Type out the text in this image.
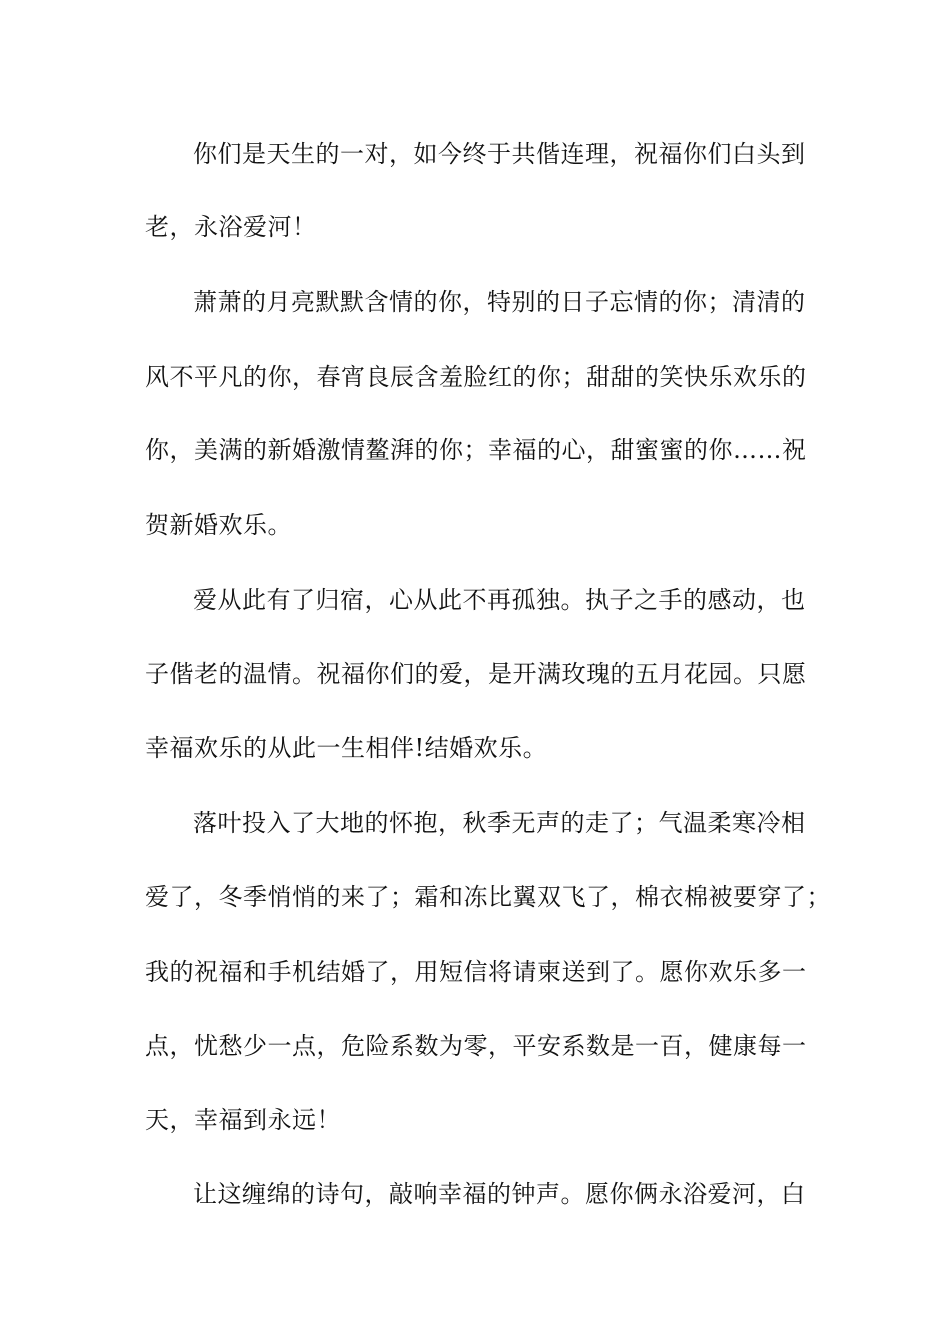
你们是天生的一对，如今终于共偕连理，祝福你们白头到
老，永浴爱河！
萧萧的月亮默默含情的你，特别的日子忘情的你；清清的
风不平凡的你，春宵良辰含羞脸红的你；甜甜的笑快乐欢乐的
你，美满的新婚激情鳌湃的你；幸福的心，甜蜜蜜的你……祝
贺新婚欢乐。
爱从此有了归宿，心从此不再孤独。执子之手的感动，也
子偕老的温情。祝福你们的爱，是开满玫瑰的五月花园。只愿
幸福欢乐的从此一生相伴!结婚欢乐。
落叶投入了大地的怀抱，秋季无声的走了；气温柔寒冷相
爱了，冬季悄悄的来了；霜和冻比翼双飞了，棉衣棉被要穿了；
我的祝福和手机结婚了，用短信将请柬送到了。愿你欢乐多一
点，忧愁少一点，危险系数为零，平安系数是一百，健康每一
天，幸福到永远！
让这缠绵的诗句，敲响幸福的钟声。愿你俩永浴爱河，白
